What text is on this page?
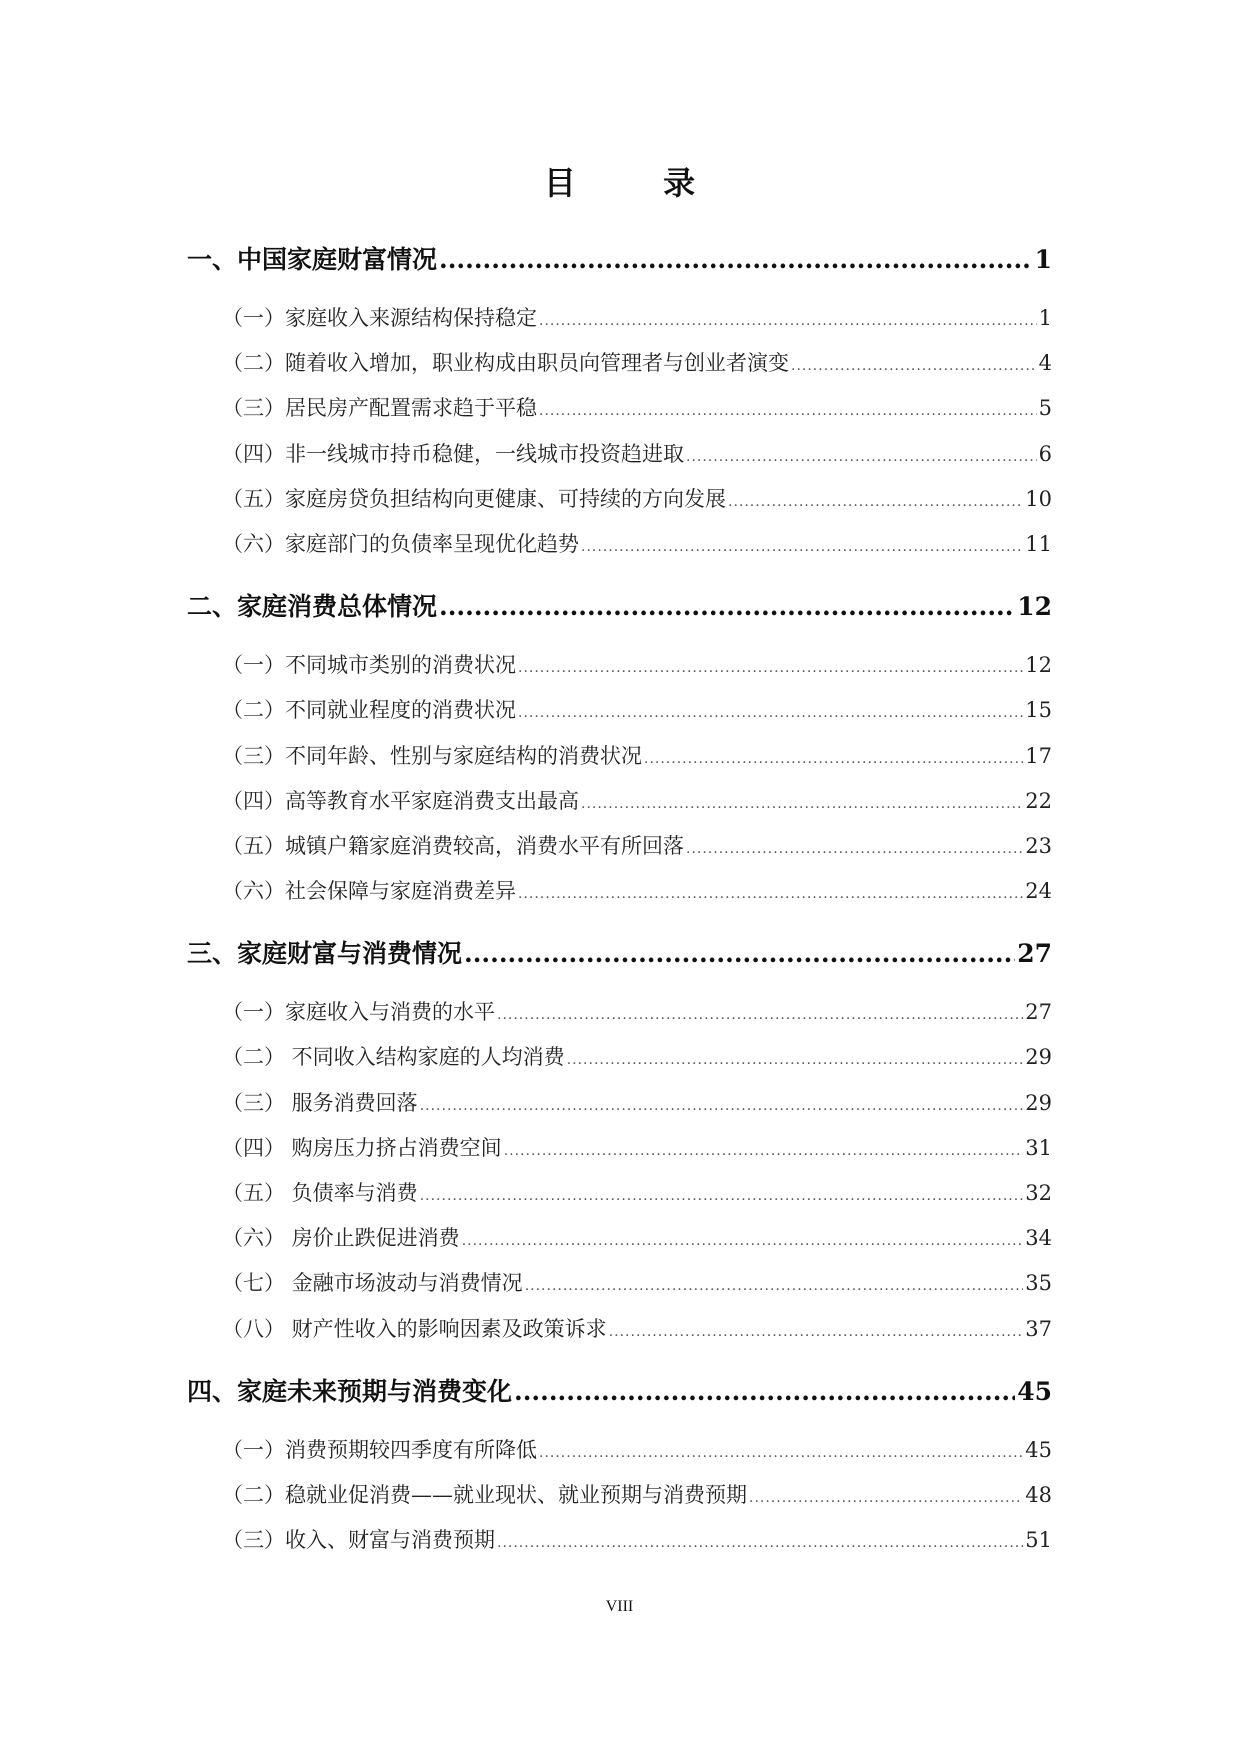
目 录
一、中国家庭财富情况 .....	1
（一）家庭收入来源结构保持稳定 .....	1
（二）随着收入增加，职业构成由职员向管理者与创业者演变 .....	4
（三）居民房产配置需求趋于平稳 .....	5
（四）非一线城市持币稳健，一线城市投资趋进取 .....	6
（五）家庭房贷负担结构向更健康、可持续的方向发展 .....	10
（六）家庭部门的负债率呈现优化趋势 .....	11
二、家庭消费总体情况 .....	12
（一）不同城市类别的消费状况 .....	12
（二）不同就业程度的消费状况 .....	15
（三）不同年龄、性别与家庭结构的消费状况 .....	17
（四）高等教育水平家庭消费支出最高 .....	22
（五）城镇户籍家庭消费较高，消费水平有所回落 .....	23
（六）社会保障与家庭消费差异 .....	24
三、家庭财富与消费情况 .....	27
（一）家庭收入与消费的水平 .....	27
（二） 不同收入结构家庭的人均消费 .....	29
（三） 服务消费回落 .....	29
（四） 购房压力挤占消费空间 .....	31
（五） 负债率与消费 .....	32
（六） 房价止跌促进消费 .....	34
（七） 金融市场波动与消费情况 .....	35
（八） 财产性收入的影响因素及政策诉求 .....	37
四、家庭未来预期与消费变化 .....	45
（一）消费预期较四季度有所降低 .....	45
（二）稳就业促消费——就业现状、就业预期与消费预期 .....	48
（三）收入、财富与消费预期 .....	51
VIII
